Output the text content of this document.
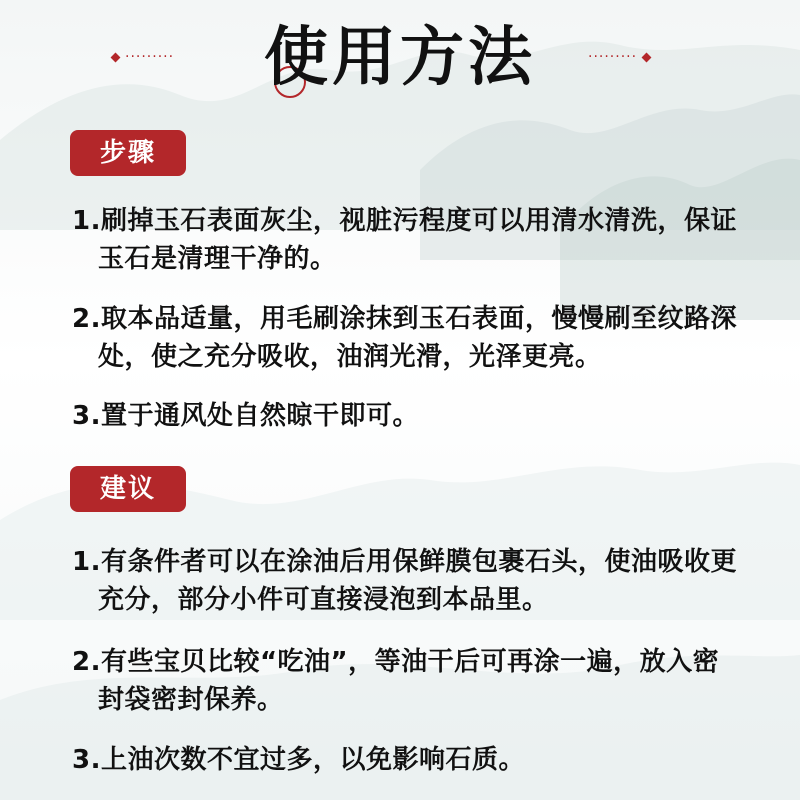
·········	·········
使用方法
步骤
1.刷掉玉石表面灰尘，视脏污程度可以用清水清洗，保证
玉石是清理干净的。
2.取本品适量，用毛刷涂抹到玉石表面，慢慢刷至纹路深
处，使之充分吸收，油润光滑，光泽更亮。
3.置于通风处自然晾干即可。
建议
1.有条件者可以在涂油后用保鲜膜包裹石头，使油吸收更
充分，部分小件可直接浸泡到本品里。
2.有些宝贝比较“吃油”，等油干后可再涂一遍，放入密
封袋密封保养。
3.上油次数不宜过多，以免影响石质。
